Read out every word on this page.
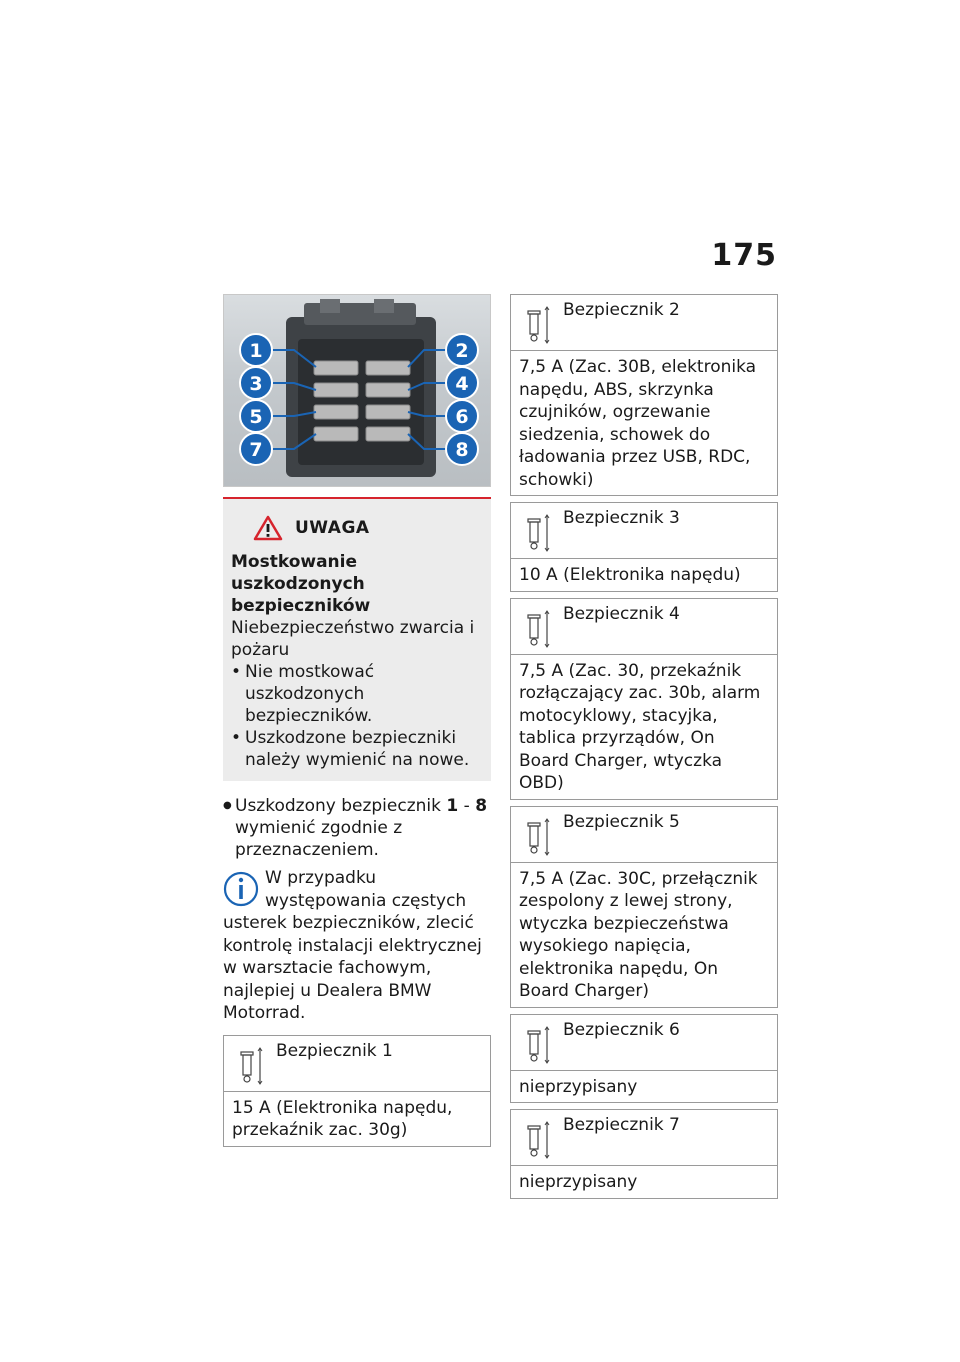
175
1	2
3	4
5	6
7	8
UWAGA
Mostkowanie uszkodzonych bezpieczników
Niebezpieczeństwo zwarcia i pożaru
• Nie mostkować uszkodzonych bezpieczników.
• Uszkodzone bezpieczniki należy wymienić na nowe.
● Uszkodzony bezpiecznik 1 - 8 wymienić zgodnie z przeznaczeniem.
W przypadku występowania częstych usterek bezpieczników, zlecić kontrolę instalacji elektrycznej w warsztacie fachowym, najlepiej u Dealera BMW Motorrad.
Bezpiecznik 1
15 A (Elektronika napędu, przekaźnik zac. 30g)
Bezpiecznik 2
7,5 A (Zac. 30B, elektronika napędu, ABS, skrzynka czujników, ogrzewanie siedzenia, schowek do ładowania przez USB, RDC, schowki)
Bezpiecznik 3
10 A (Elektronika napędu)
Bezpiecznik 4
7,5 A (Zac. 30, przekaźnik rozłączający zac. 30b, alarm motocyklowy, stacyjka, tablica przyrządów, On Board Charger, wtyczka OBD)
Bezpiecznik 5
7,5 A (Zac. 30C, przełącznik zespolony z lewej strony, wtyczka bezpieczeństwa wysokiego napięcia, elektronika napędu, On Board Charger)
Bezpiecznik 6
nieprzypisany
Bezpiecznik 7
nieprzypisany
